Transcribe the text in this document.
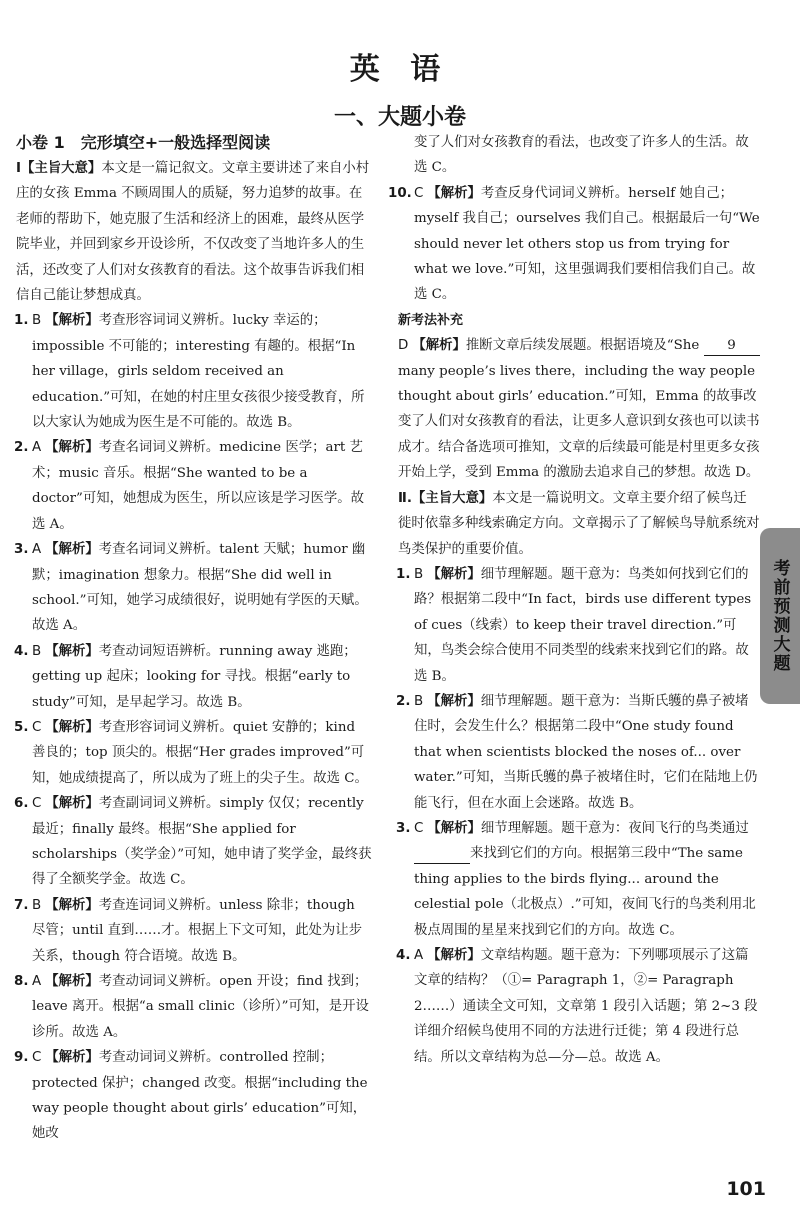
英 语
一、大题小卷
小卷 1　完形填空+一般选择型阅读

Ⅰ【主旨大意】本文是一篇记叙文。文章主要讲述了来自小村庄的女孩 Emma 不顾周围人的质疑，努力追梦的故事。在老师的帮助下，她克服了生活和经济上的困难，最终从医学院毕业，并回到家乡开设诊所，不仅改变了当地许多人的生活，还改变了人们对女孩教育的看法。这个故事告诉我们相信自己能让梦想成真。

1. B 【解析】考查形容词词义辨析。lucky 幸运的；impossible 不可能的；interesting 有趣的。根据“In her village，girls seldom received an education.”可知，在她的村庄里女孩很少接受教育，所以大家认为她成为医生是不可能的。故选 B。

2. A 【解析】考查名词词义辨析。medicine 医学；art 艺术；music 音乐。根据“She wanted to be a doctor”可知，她想成为医生，所以应该是学习医学。故选 A。

3. A 【解析】考查名词词义辨析。talent 天赋；humor 幽默；imagination 想象力。根据“She did well in school.”可知，她学习成绩很好，说明她有学医的天赋。故选 A。

4. B 【解析】考查动词短语辨析。running away 逃跑；getting up 起床；looking for 寻找。根据“early to study”可知，是早起学习。故选 B。

5. C 【解析】考查形容词词义辨析。quiet 安静的；kind 善良的；top 顶尖的。根据“Her grades improved”可知，她成绩提高了，所以成为了班上的尖子生。故选 C。

6. C 【解析】考查副词词义辨析。simply 仅仅；recently 最近；finally 最终。根据“She applied for scholarships（奖学金）”可知，她申请了奖学金，最终获得了全额奖学金。故选 C。

7. B 【解析】考查连词词义辨析。unless 除非；though 尽管；until 直到……才。根据上下文可知，此处为让步关系，though 符合语境。故选 B。

8. A 【解析】考查动词词义辨析。open 开设；find 找到；leave 离开。根据“a small clinic（诊所）”可知，是开设诊所。故选 A。

9. C 【解析】考查动词词义辨析。controlled 控制；protected 保护；changed 改变。根据“including the way people thought about girls’ education”可知，她改

变了人们对女孩教育的看法，也改变了许多人的生活。故选 C。

10. C 【解析】考查反身代词词义辨析。herself 她自己；myself 我自己；ourselves 我们自己。根据最后一句“We should never let others stop us from trying for what we love.”可知，这里强调我们要相信我们自己。故选 C。

新考法补充

D 【解析】推断文章后续发展题。根据语境及“She 9 many people’s lives there，including the way people thought about girls’ education.”可知，Emma 的故事改变了人们对女孩教育的看法，让更多人意识到女孩也可以读书成才。结合备选项可推知，文章的后续最可能是村里更多女孩开始上学，受到 Emma 的激励去追求自己的梦想。故选 D。

Ⅱ.【主旨大意】本文是一篇说明文。文章主要介绍了候鸟迁徙时依靠多种线索确定方向。文章揭示了了解候鸟导航系统对鸟类保护的重要价值。

1. B 【解析】细节理解题。题干意为：鸟类如何找到它们的路？根据第二段中“In fact，birds use different types of cues（线索）to keep their travel direction.”可知，鸟类会综合使用不同类型的线索来找到它们的路。故选 B。

2. B 【解析】细节理解题。题干意为：当斯氏鹱的鼻子被堵住时，会发生什么？根据第二段中“One study found that when scientists blocked the noses of... over water.”可知，当斯氏鹱的鼻子被堵住时，它们在陆地上仍能飞行，但在水面上会迷路。故选 B。

3. C 【解析】细节理解题。题干意为：夜间飞行的鸟类通过来找到它们的方向。根据第三段中“The same thing applies to the birds flying... around the celestial pole（北极点）.”可知，夜间飞行的鸟类利用北极点周围的星星来找到它们的方向。故选 C。

4. A 【解析】文章结构题。题干意为：下列哪项展示了这篇文章的结构？（①= Paragraph 1，②= Paragraph 2……）通读全文可知，文章第 1 段引入话题；第 2~3 段详细介绍候鸟使用不同的方法进行迁徙；第 4 段进行总结。所以文章结构为总—分—总。故选 A。

考前预测大题
101
